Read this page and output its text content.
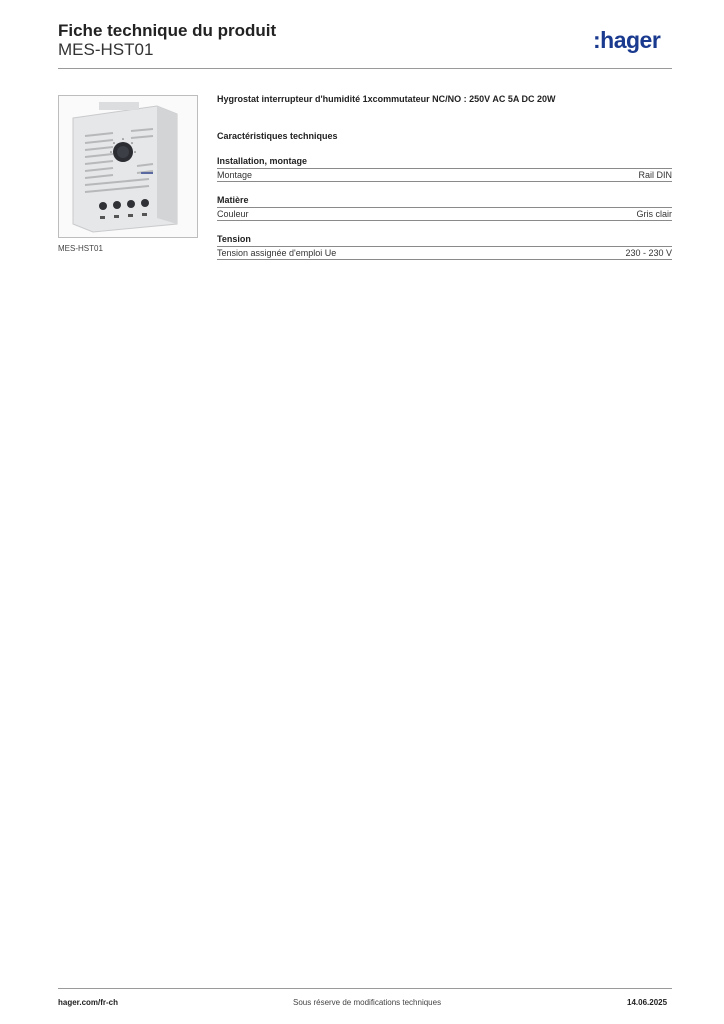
Fiche technique du produit
MES-HST01	:hager
MES-HST01

Hygrostat interrupteur d'humidité 1xcommutateur NC/NO : 250V AC 5A DC 20W

Caractéristiques techniques
Installation, montage
Montage	Rail DIN
Matière
Couleur	Gris clair
Tension
Tension assignée d'emploi Ue	230 - 230 V
hager.com/fr-ch	Sous réserve de modifications techniques	14.06.2025
